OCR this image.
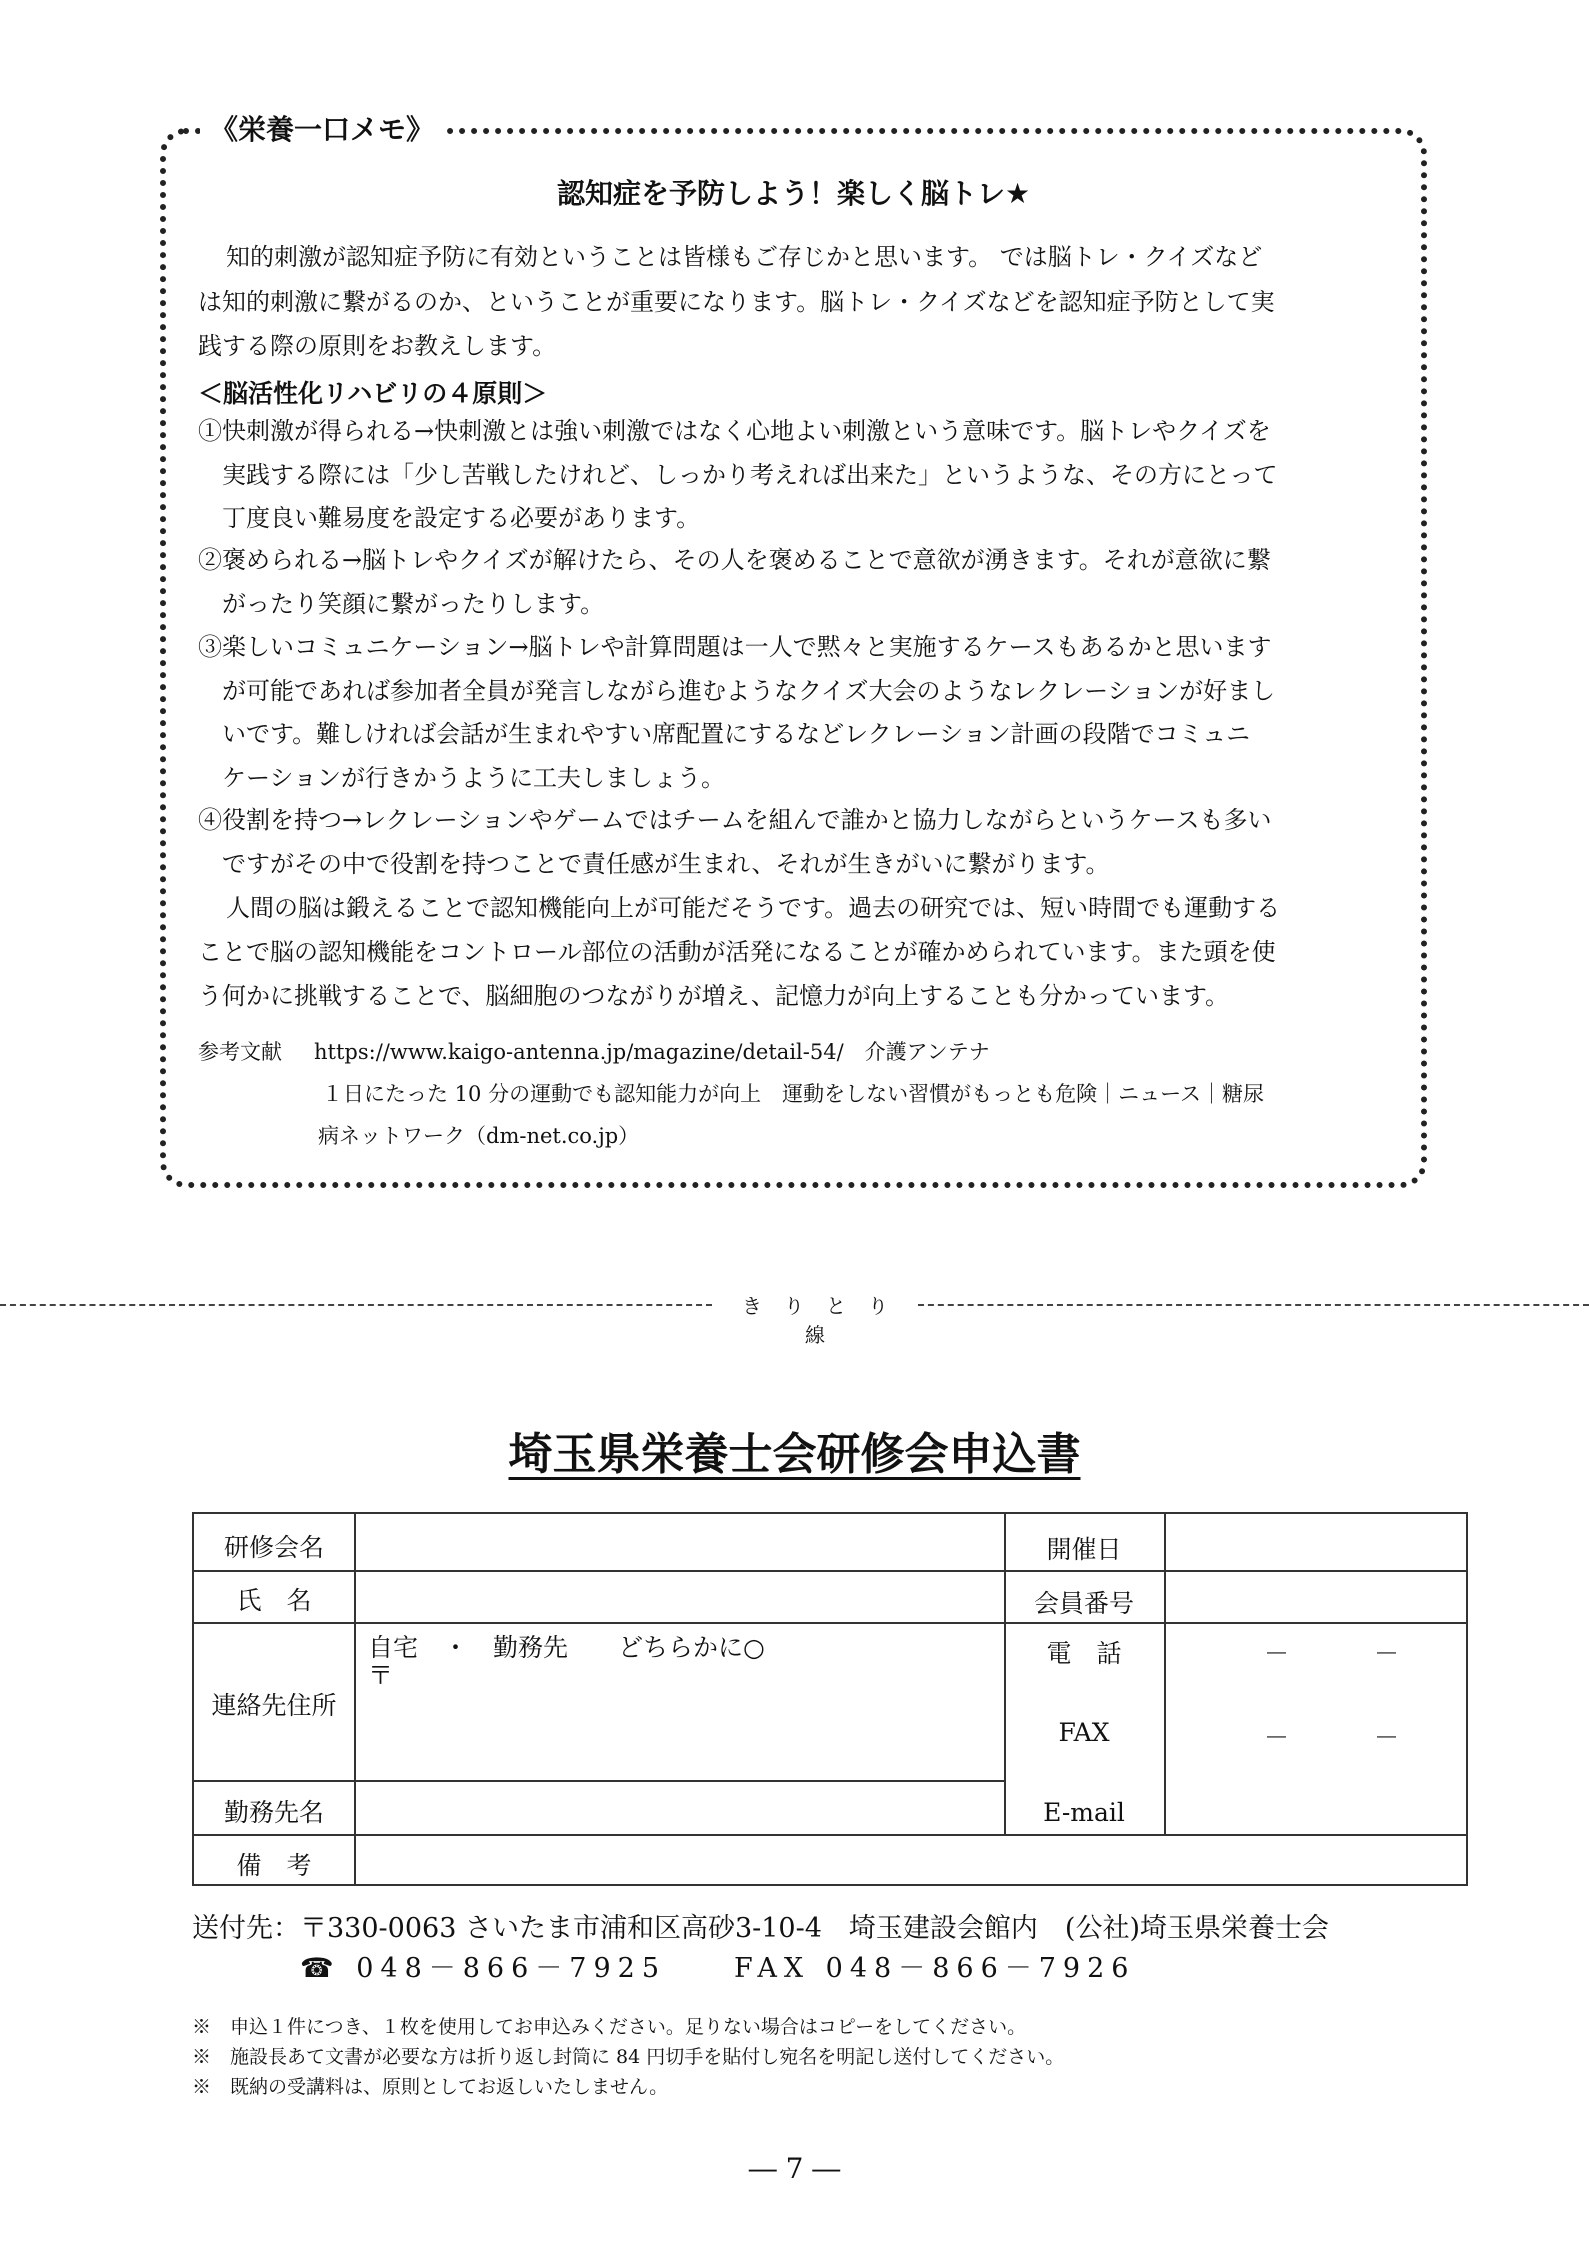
《栄養一口メモ》
認知症を予防しよう！楽しく脳トレ★
知的刺激が認知症予防に有効ということは皆様もご存じかと思います。 では脳トレ・クイズなど
は知的刺激に繋がるのか、ということが重要になります。脳トレ・クイズなどを認知症予防として実
践する際の原則をお教えします。
＜脳活性化リハビリの４原則＞
①快刺激が得られる→快刺激とは強い刺激ではなく心地よい刺激という意味です。脳トレやクイズを
実践する際には「少し苦戦したけれど、しっかり考えれば出来た」というような、その方にとって
丁度良い難易度を設定する必要があります。
②褒められる→脳トレやクイズが解けたら、その人を褒めることで意欲が湧きます。それが意欲に繋
がったり笑顔に繋がったりします。
③楽しいコミュニケーション→脳トレや計算問題は一人で黙々と実施するケースもあるかと思います
が可能であれば参加者全員が発言しながら進むようなクイズ大会のようなレクレーションが好まし
いです。難しければ会話が生まれやすい席配置にするなどレクレーション計画の段階でコミュニ
ケーションが行きかうように工夫しましょう。
④役割を持つ→レクレーションやゲームではチームを組んで誰かと協力しながらというケースも多い
ですがその中で役割を持つことで責任感が生まれ、それが生きがいに繋がります。
人間の脳は鍛えることで認知機能向上が可能だそうです。過去の研究では、短い時間でも運動する
ことで脳の認知機能をコントロール部位の活動が活発になることが確かめられています。また頭を使
う何かに挑戦することで、脳細胞のつながりが増え、記憶力が向上することも分かっています。
参考文献 https://www.kaigo-antenna.jp/magazine/detail-54/　介護アンテナ
１日にたった 10 分の運動でも認知能力が向上　運動をしない習慣がもっとも危険｜ニュース｜糖尿
病ネットワーク（dm-net.co.jp）
きりとり線
埼玉県栄養士会研修会申込書
研修会名	開催日
氏　名	会員番号
連絡先住所
自宅　・　勤務先　　どちらかに○
〒
電　話	－	－
FAX	－	－
勤務先名	E-mail
備　考
送付先：〒330-0063 さいたま市浦和区高砂3-10-4　埼玉建設会館内　(公社)埼玉県栄養士会
☎ 048－866－7925　　FAX 048－866－7926
※　申込１件につき、１枚を使用してお申込みください。足りない場合はコピーをしてください。
※　施設長あて文書が必要な方は折り返し封筒に 84 円切手を貼付し宛名を明記し送付してください。
※　既納の受講料は、原則としてお返しいたしません。
― 7 ―
